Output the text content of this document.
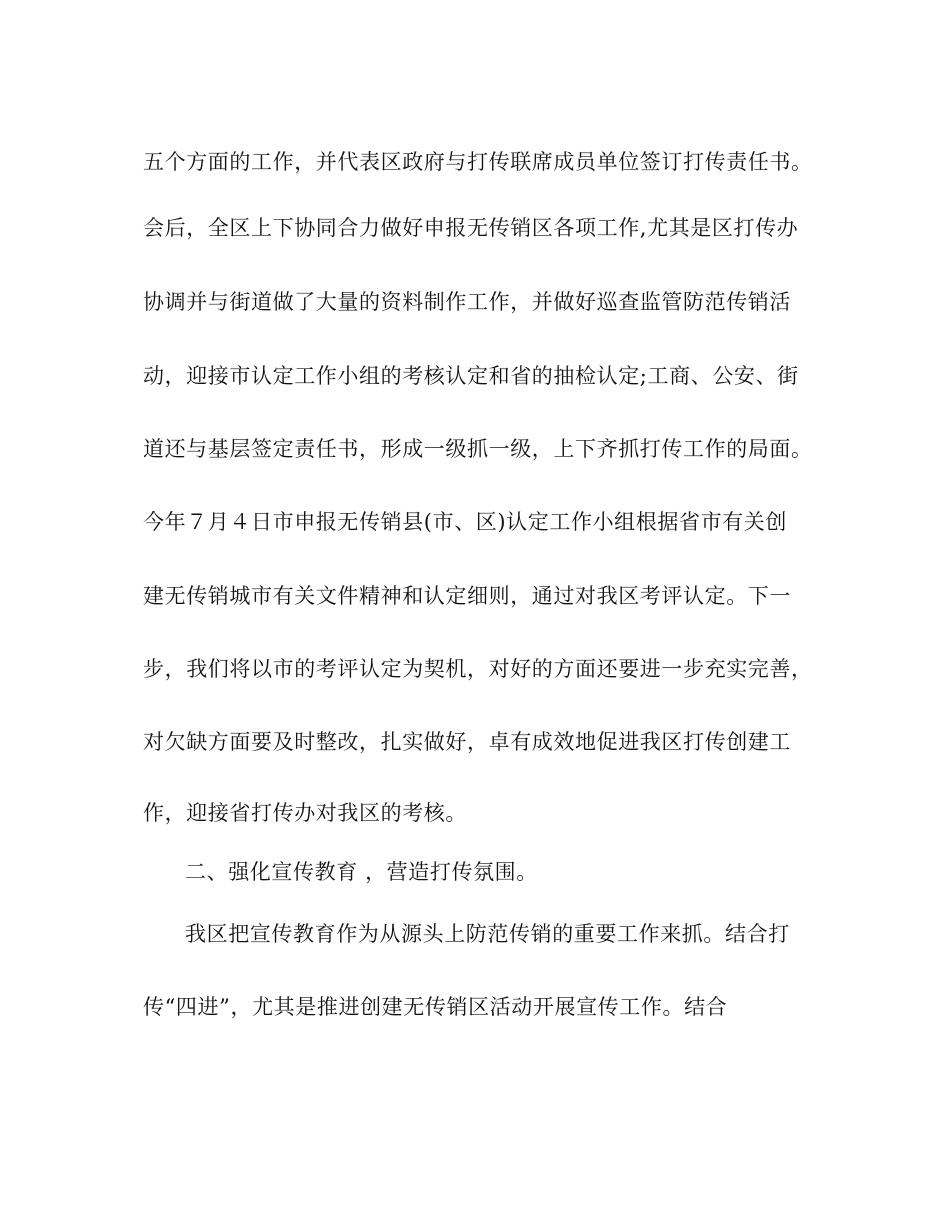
五个方面的工作，并代表区政府与打传联席成员单位签订打传责任书。
会后，全区上下协同合力做好申报无传销区各项工作,尤其是区打传办
协调并与街道做了大量的资料制作工作，并做好巡查监管防范传销活
动，迎接市认定工作小组的考核认定和省的抽检认定;工商、公安、街
道还与基层签定责任书，形成一级抓一级，上下齐抓打传工作的局面。
今年７月４日市申报无传销县(市、区)认定工作小组根据省市有关创
建无传销城市有关文件精神和认定细则，通过对我区考评认定。下一
步，我们将以市的考评认定为契机，对好的方面还要进一步充实完善，
对欠缺方面要及时整改，扎实做好，卓有成效地促进我区打传创建工
作，迎接省打传办对我区的考核。
二、强化宣传教育 ，营造打传氛围。
我区把宣传教育作为从源头上防范传销的重要工作来抓。结合打
传“四进”，尤其是推进创建无传销区活动开展宣传工作。结合
